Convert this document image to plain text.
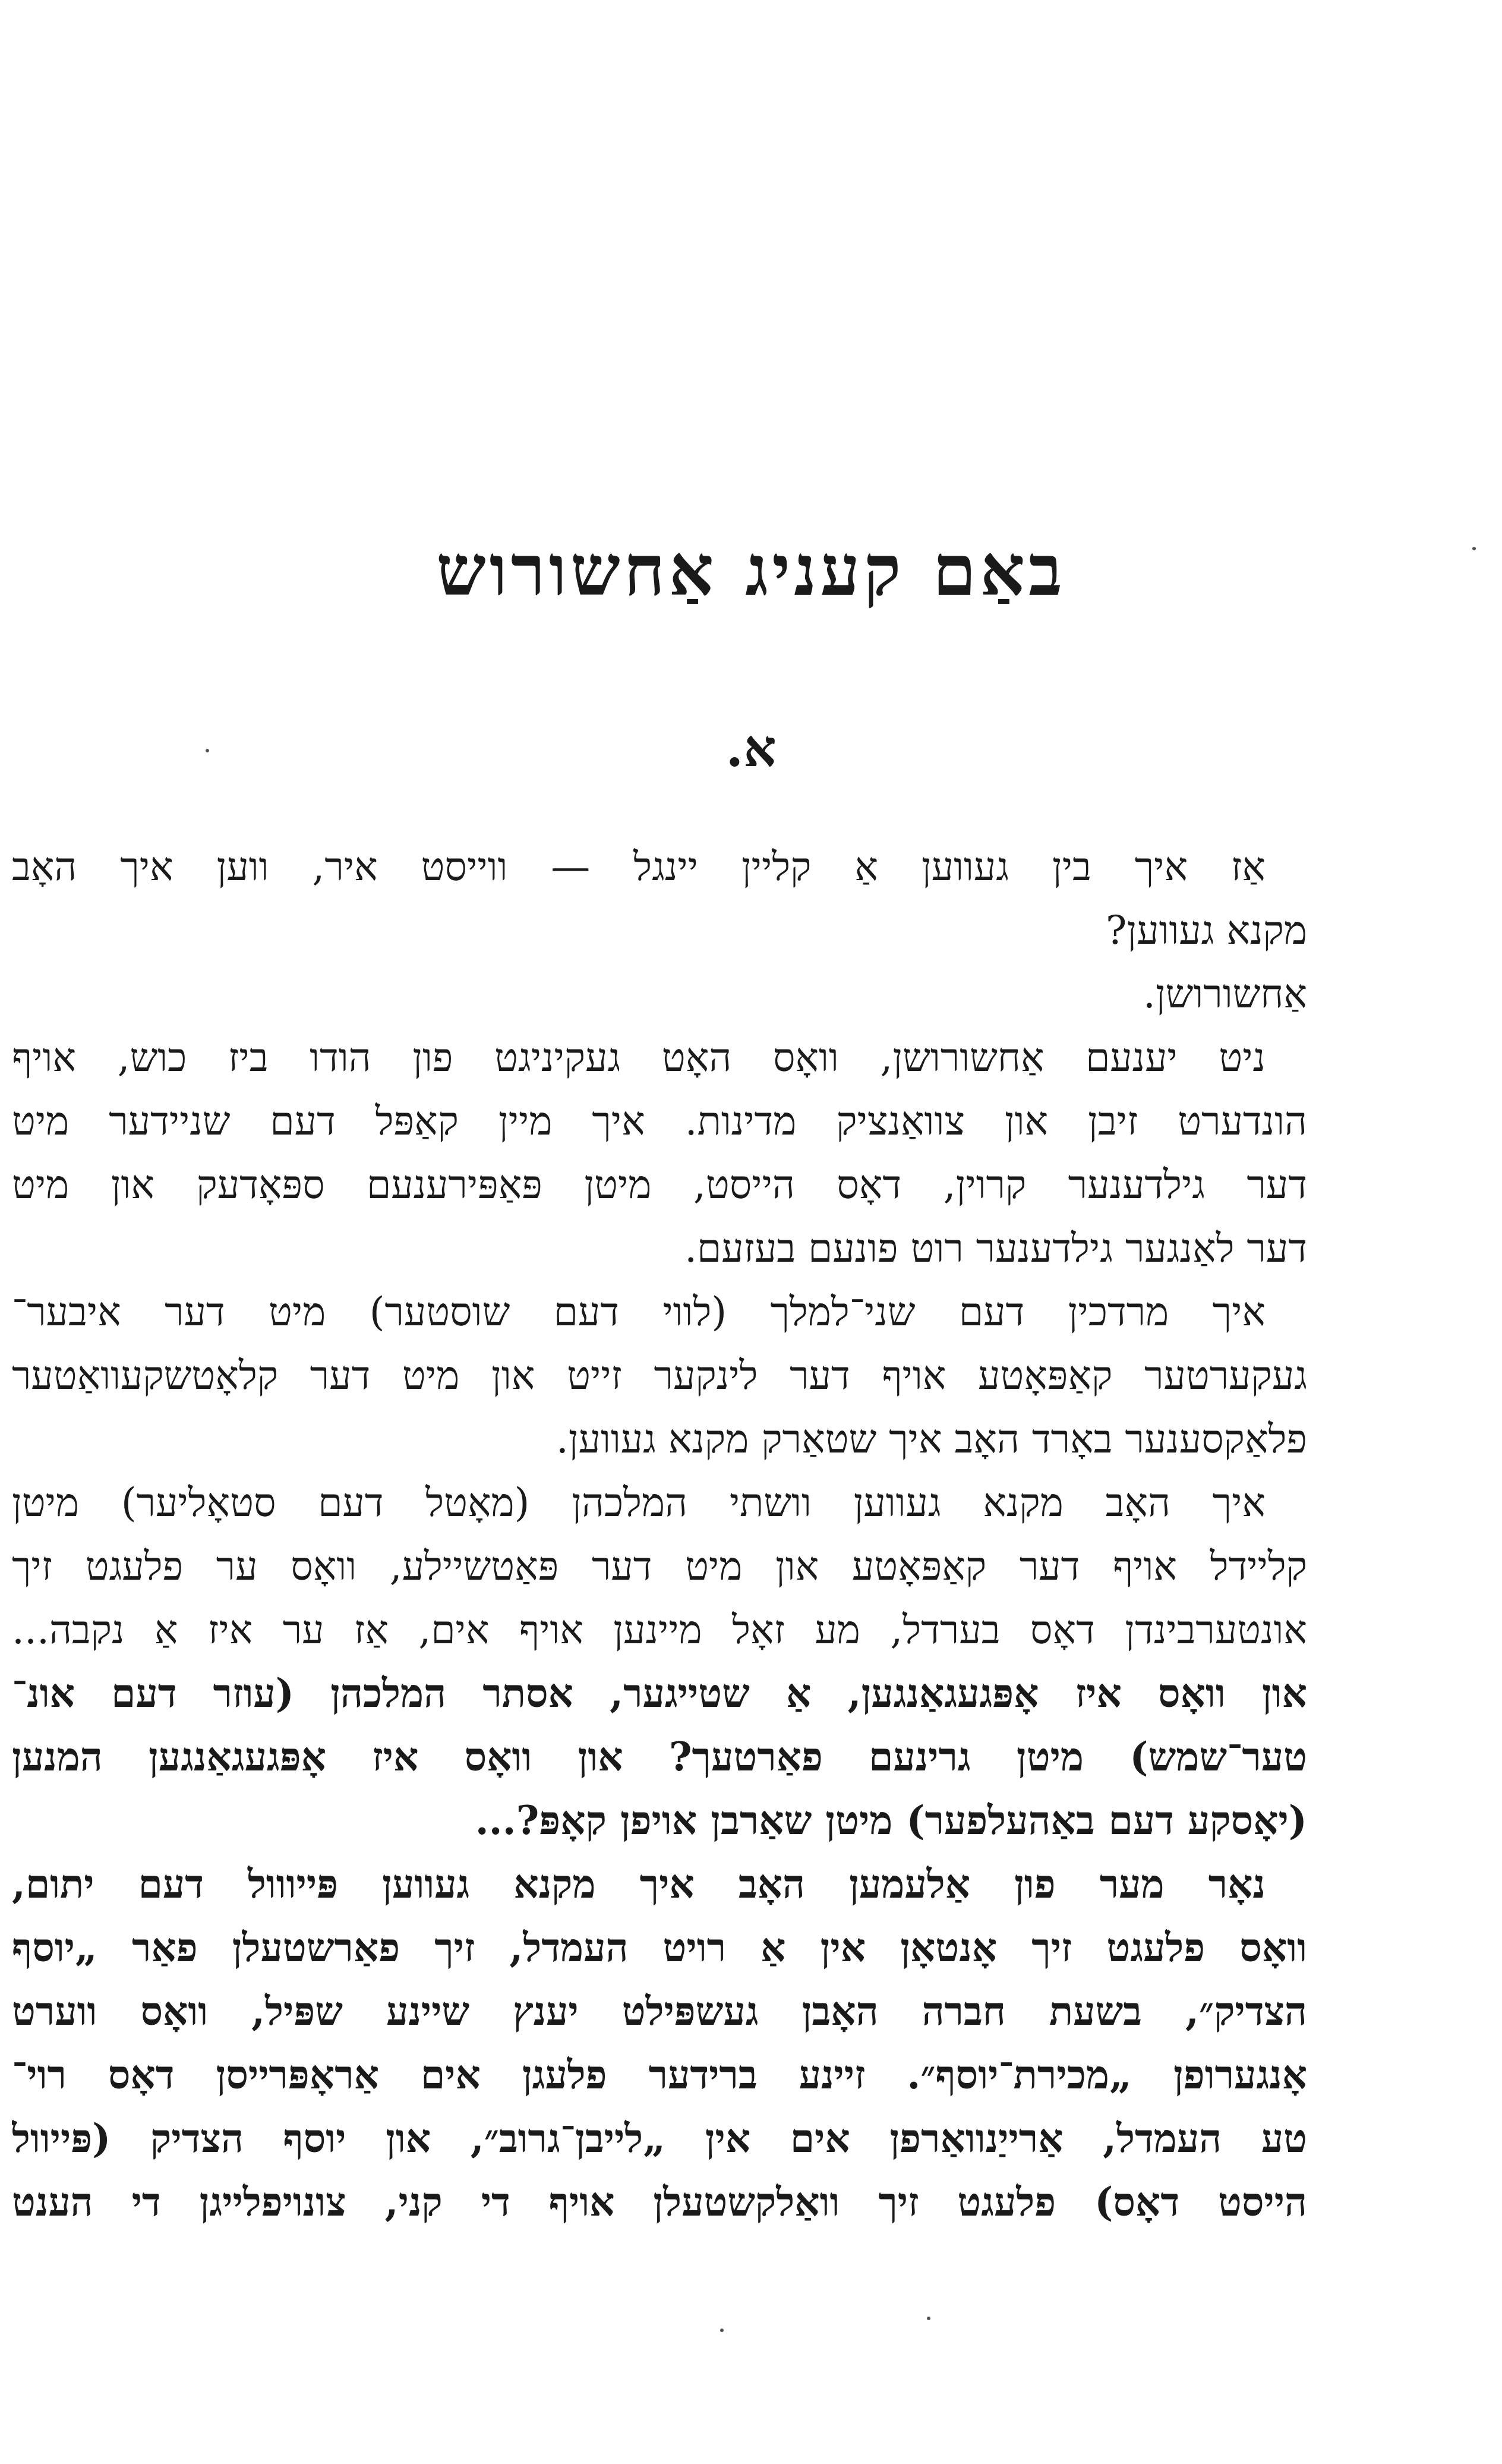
באַם קעניג אַחשורוש
א.
אַז איך בין געווען אַ קליין יינגל — ווייסט איר, ווען איך האָב
מקנא געווען?
אַחשורושן.
ניט יענעם אַחשורושן, וואָס האָט געקיניגט פון הודו ביז כוש, אויף
הונדערט זיבן און צוואַנציק מדינות. איך מיין קאַפּל דעם שניידער מיט
דער גילדענער קרוין, דאָס הייסט, מיטן פּאַפּירענעם ספּאָדעק און מיט
דער לאַנגער גילדענער רוט פונעם בעזעם.
איך מרדכין דעם שני־למלך (לווי דעם שוסטער) מיט דער איבער־
געקערטער קאַפּאָטע אויף דער לינקער זייט און מיט דער קלאָטשקעוואַטער
פלאַקסענער באָרד האָב איך שטאַרק מקנא געווען.
איך האָב מקנא געווען וושתי המלכהן (מאָטל דעם סטאָליער) מיטן
קליידל אויף דער קאַפּאָטע און מיט דער פּאַטשיילע, וואָס ער פלעגט זיך
אונטערבינדן דאָס בערדל, מע זאָל מיינען אויף אים, אַז ער איז אַ נקבה...
און וואָס איז אָפּגעגאַנגען, אַ שטייגער, אסתר המלכהן (עוזר דעם אונ־
טער־שמש) מיטן גרינעם פאַרטעך? און וואָס איז אָפּגעגאַנגען המנען
(יאָסקע דעם באַהעלפער) מיטן שאַרבן אויפן קאָפּ?...
נאָר מער פון אַלעמען האָב איך מקנא געווען פּייווול דעם יתום,
וואָס פלעגט זיך אָנטאָן אין אַ רויט העמדל, זיך פאַרשטעלן פאַר „יוסף
הצדיק״, בשעת חברה האָבן געשפּילט יענץ שיינע שפּיל, וואָס ווערט
אָנגערופן „מכירת־יוסף״. זיינע ברידער פלעגן אים אַראָפּרייסן דאָס רוי־
טע העמדל, אַרייַנוואַרפן אים אין „לייבן־גרוב״, און יוסף הצדיק (פּייוול
הייסט דאָס) פלעגט זיך וואַלקשטעלן אויף די קני, צונויפלייגן די הענט
